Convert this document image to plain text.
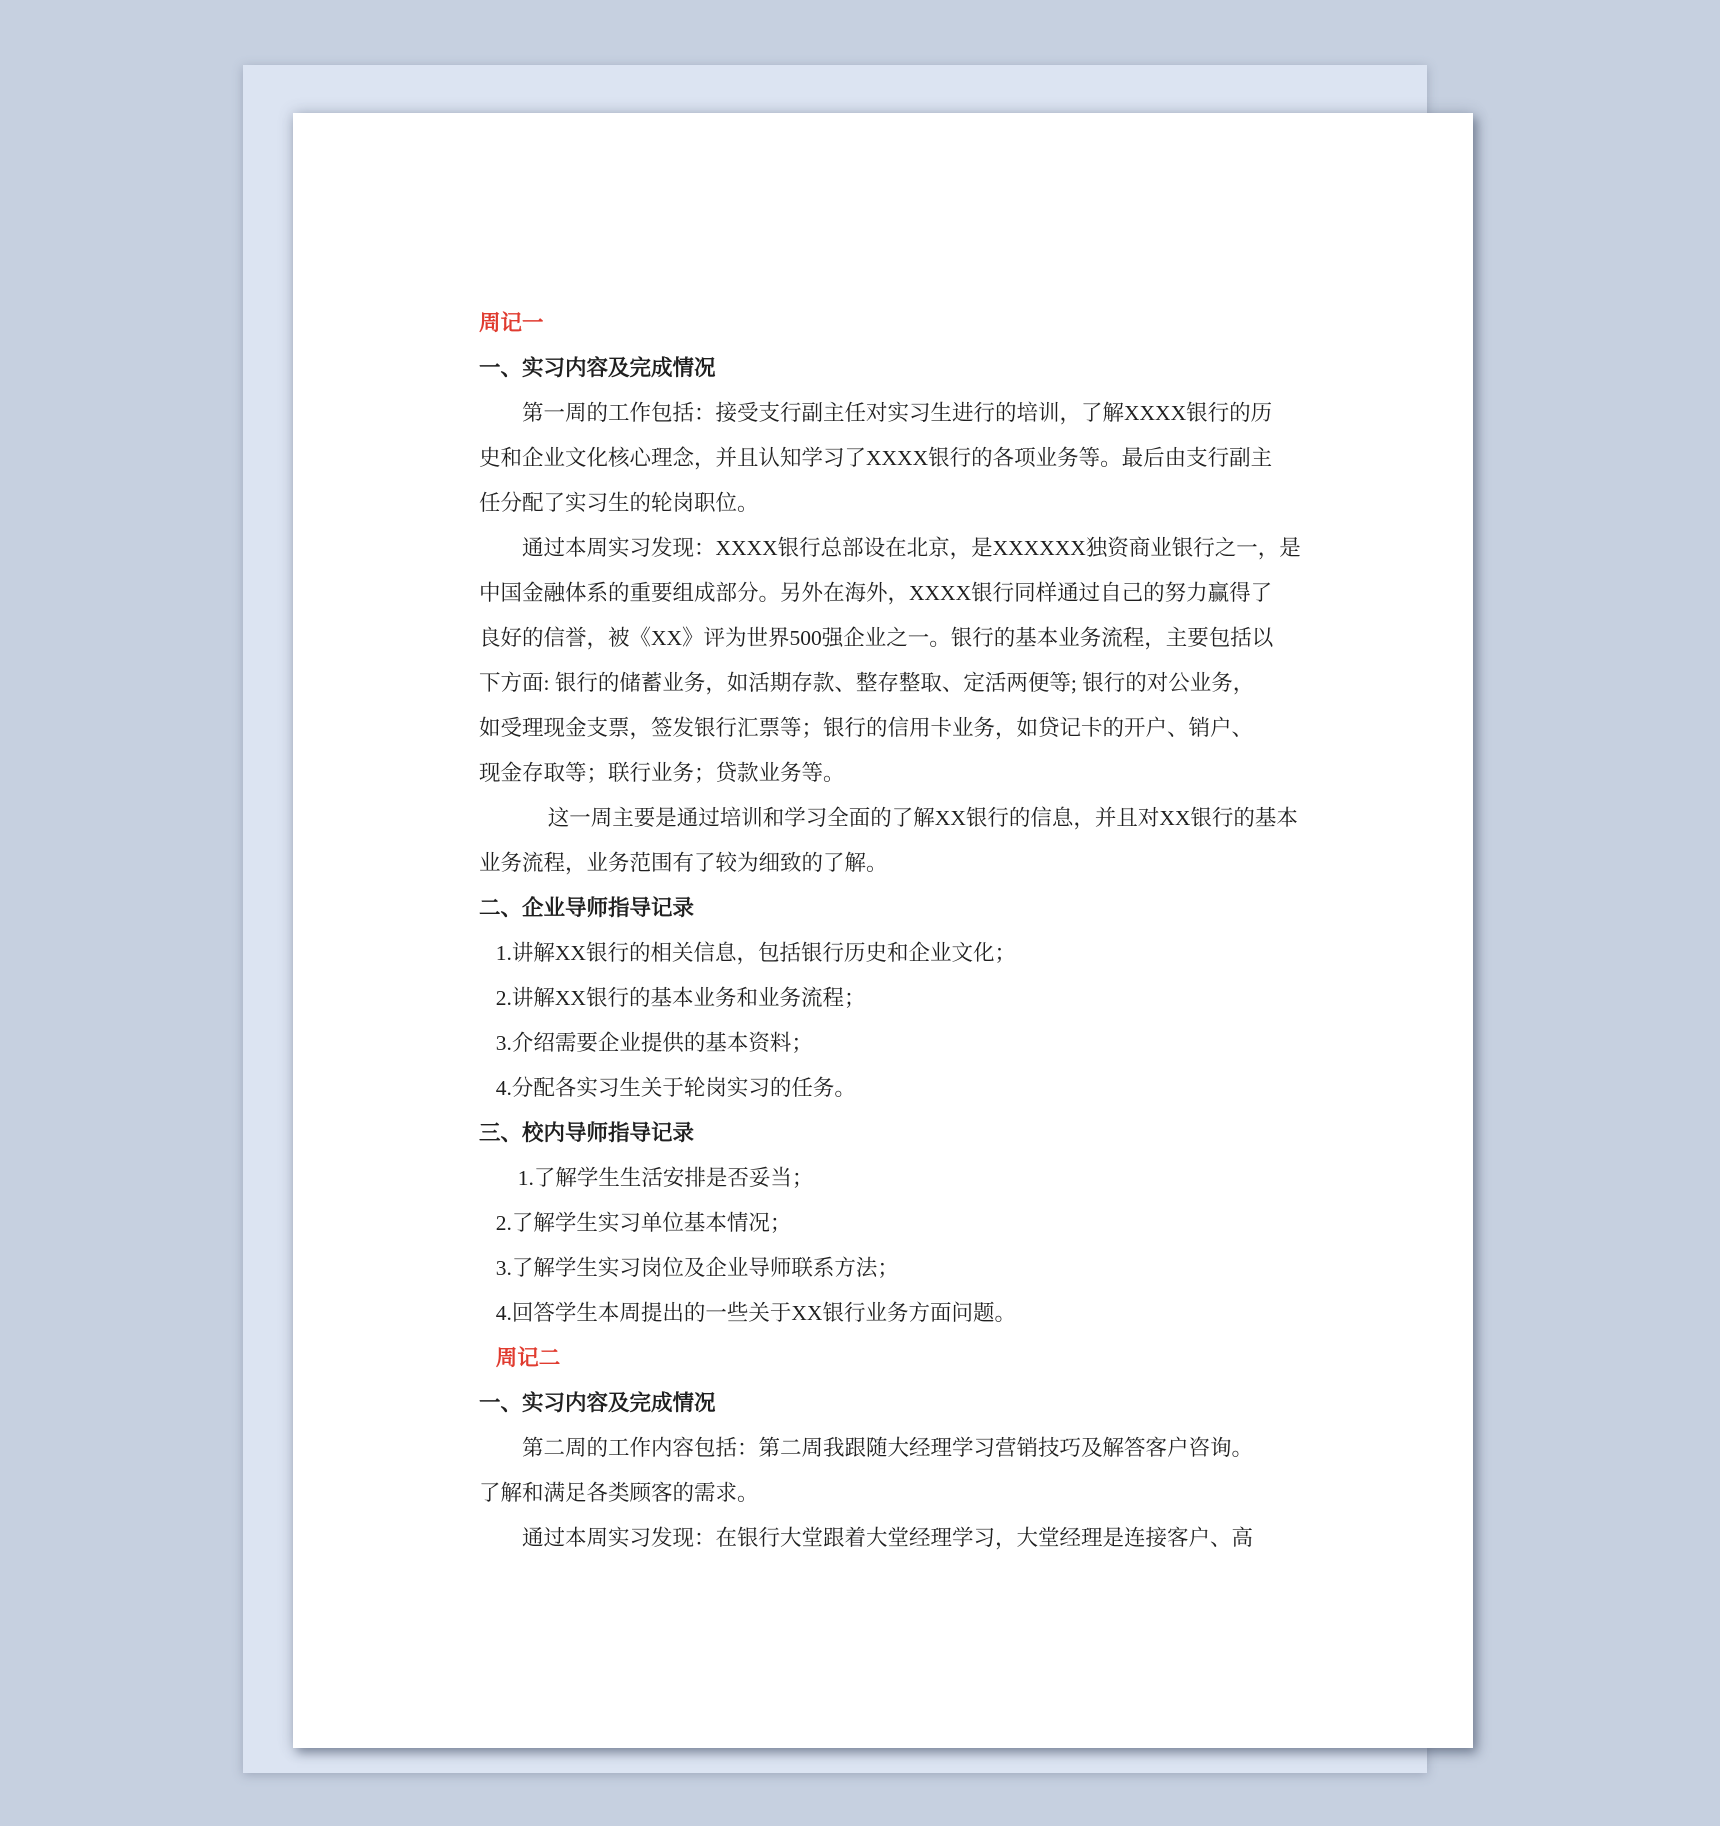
周记一
一、实习内容及完成情况
第一周的工作包括：接受支行副主任对实习生进行的培训，了解XXXX银行的历
史和企业文化核心理念，并且认知学习了XXXX银行的各项业务等。最后由支行副主
任分配了实习生的轮岗职位。
通过本周实习发现：XXXX银行总部设在北京，是XXXXXX独资商业银行之一，是
中国金融体系的重要组成部分。另外在海外，XXXX银行同样通过自己的努力赢得了
良好的信誉，被《XX》评为世界500强企业之一。银行的基本业务流程，主要包括以
下方面: 银行的储蓄业务，如活期存款、整存整取、定活两便等; 银行的对公业务，
如受理现金支票，签发银行汇票等；银行的信用卡业务，如贷记卡的开户、销户、
现金存取等；联行业务；贷款业务等。
这一周主要是通过培训和学习全面的了解XX银行的信息，并且对XX银行的基本
业务流程，业务范围有了较为细致的了解。
二、企业导师指导记录
1.讲解XX银行的相关信息，包括银行历史和企业文化；
2.讲解XX银行的基本业务和业务流程；
3.介绍需要企业提供的基本资料；
4.分配各实习生关于轮岗实习的任务。
三、校内导师指导记录
1.了解学生生活安排是否妥当；
2.了解学生实习单位基本情况；
3.了解学生实习岗位及企业导师联系方法；
4.回答学生本周提出的一些关于XX银行业务方面问题。
周记二
一、实习内容及完成情况
第二周的工作内容包括：第二周我跟随大经理学习营销技巧及解答客户咨询。
了解和满足各类顾客的需求。
通过本周实习发现：在银行大堂跟着大堂经理学习，大堂经理是连接客户、高
